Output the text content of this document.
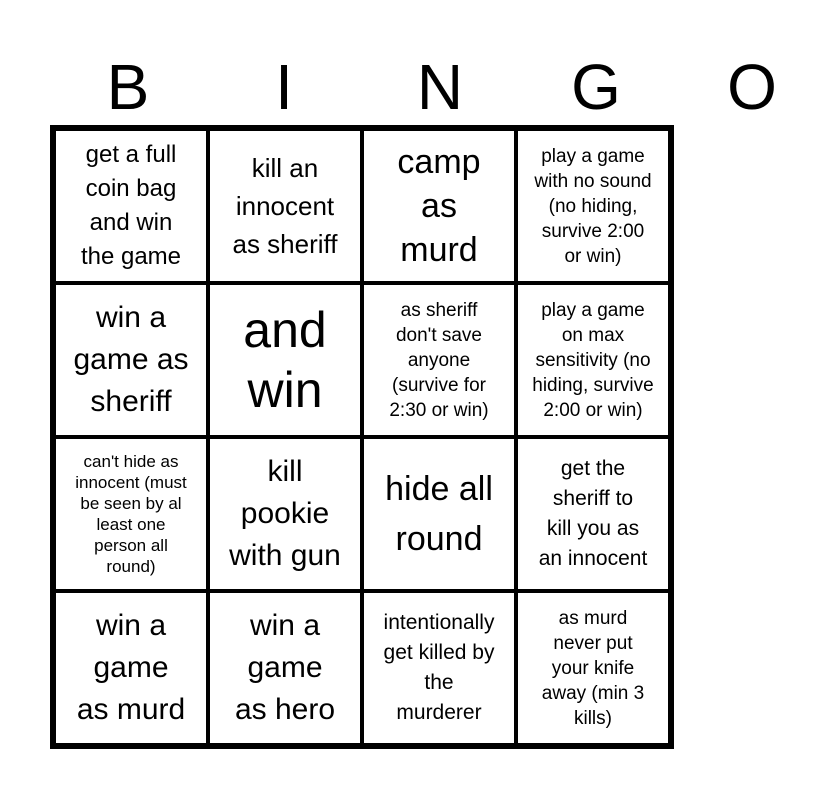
B	I	N	G	O
get a full
coin bag
and win
the game
kill an
innocent
as sheriff
camp
as
murd
play a game
with no sound
(no hiding,
survive 2:00
or win)
win a
game as
sheriff
and
win
as sheriff
don't save
anyone
(survive for
2:30 or win)
play a game
on max
sensitivity (no
hiding, survive
2:00 or win)
can't hide as
innocent (must
be seen by al
least one
person all
round)
kill
pookie
with gun
hide all
round
get the
sheriff to
kill you as
an innocent
win a
game
as murd
win a
game
as hero
intentionally
get killed by
the
murderer
as murd
never put
your knife
away (min 3
kills)
